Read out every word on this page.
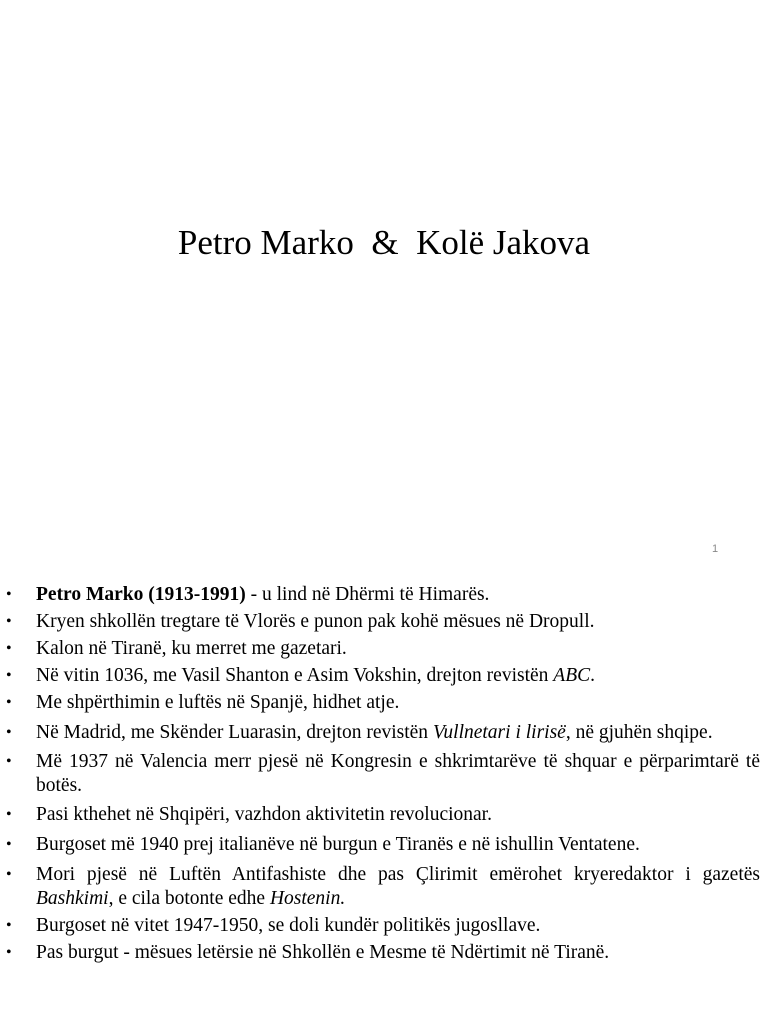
Petro Marko  &  Kolë Jakova
1
• Petro Marko (1913-1991) - u lind në Dhërmi të Himarës.
• Kryen shkollën tregtare të Vlorës e punon pak kohë mësues në Dropull.
• Kalon në Tiranë, ku merret me gazetari.
• Në vitin 1036, me Vasil Shanton e Asim Vokshin, drejton revistën ABC.
• Me shpërthimin e luftës në Spanjë, hidhet atje.
• Në Madrid, me Skënder Luarasin, drejton revistën Vullnetari i lirisë, në gjuhën shqipe.
• Më 1937 në Valencia merr pjesë në Kongresin e shkrimtarëve të shquar e përparimtarë të botës.
• Pasi kthehet në Shqipëri, vazhdon aktivitetin revolucionar.
• Burgoset më 1940 prej italianëve në burgun e Tiranës e në ishullin Ventatene.
• Mori pjesë në Luftën Antifashiste dhe pas Çlirimit emërohet kryeredaktor i gazetës Bashkimi, e cila botonte edhe Hostenin.
• Burgoset në vitet 1947-1950, se doli kundër politikës jugosllave.
• Pas burgut - mësues letërsie në Shkollën e Mesme të Ndërtimit në Tiranë.
